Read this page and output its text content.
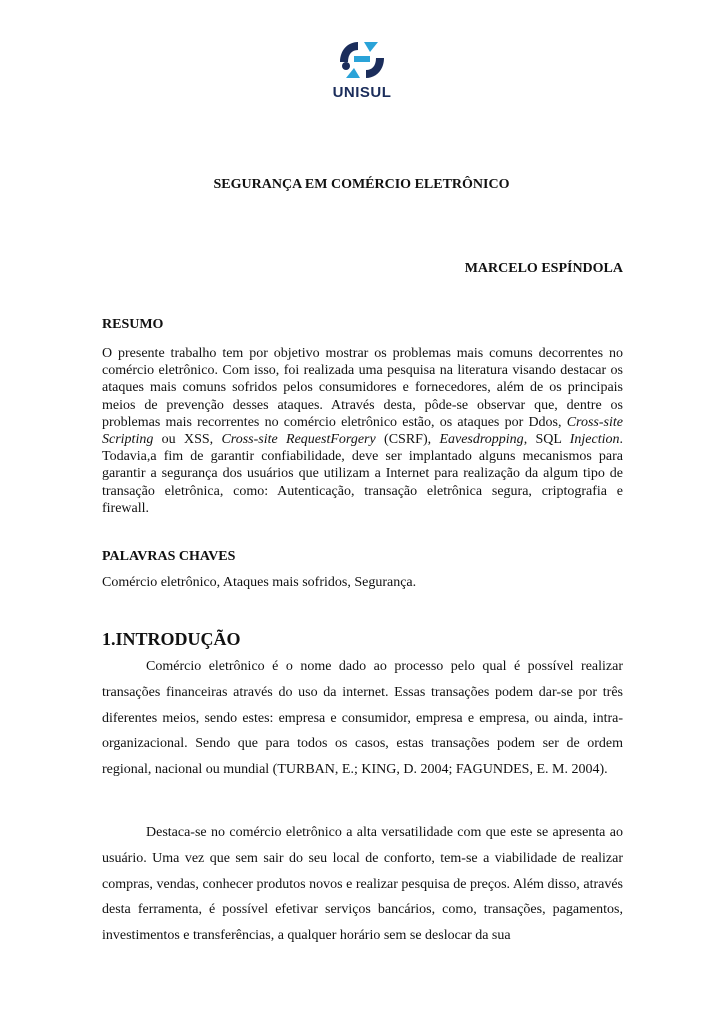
UNISUL
SEGURANÇA EM COMÉRCIO ELETRÔNICO
MARCELO ESPÍNDOLA
RESUMO

O presente trabalho tem por objetivo mostrar os problemas mais comuns decorrentes no comércio eletrônico. Com isso, foi realizada uma pesquisa na literatura visando destacar os ataques mais comuns sofridos pelos consumidores e fornecedores, além de os principais meios de prevenção desses ataques. Através desta, pôde-se observar que, dentre os problemas mais recorrentes no comércio eletrônico estão, os ataques por Ddos, Cross-site Scripting ou XSS, Cross-site RequestForgery (CSRF), Eavesdropping, SQL Injection. Todavia,a fim de garantir confiabilidade, deve ser implantado alguns mecanismos para garantir a segurança dos usuários que utilizam a Internet para realização da algum tipo de transação eletrônica, como: Autenticação, transação eletrônica segura, criptografia e firewall.

PALAVRAS CHAVES

Comércio eletrônico, Ataques mais sofridos, Segurança.

1.INTRODUÇÃO

Comércio eletrônico é o nome dado ao processo pelo qual é possível realizar transações financeiras através do uso da internet. Essas transações podem dar-se por três diferentes meios, sendo estes: empresa e consumidor, empresa e empresa, ou ainda, intra-organizacional. Sendo que para todos os casos, estas transações podem ser de ordem regional, nacional ou mundial (TURBAN, E.; KING, D. 2004; FAGUNDES, E. M. 2004).

Destaca-se no comércio eletrônico a alta versatilidade com que este se apresenta ao usuário. Uma vez que sem sair do seu local de conforto, tem-se a viabilidade de realizar compras, vendas, conhecer produtos novos e realizar pesquisa de preços. Além disso, através desta ferramenta, é possível efetivar serviços bancários, como, transações, pagamentos, investimentos e transferências, a qualquer horário sem se deslocar da sua
